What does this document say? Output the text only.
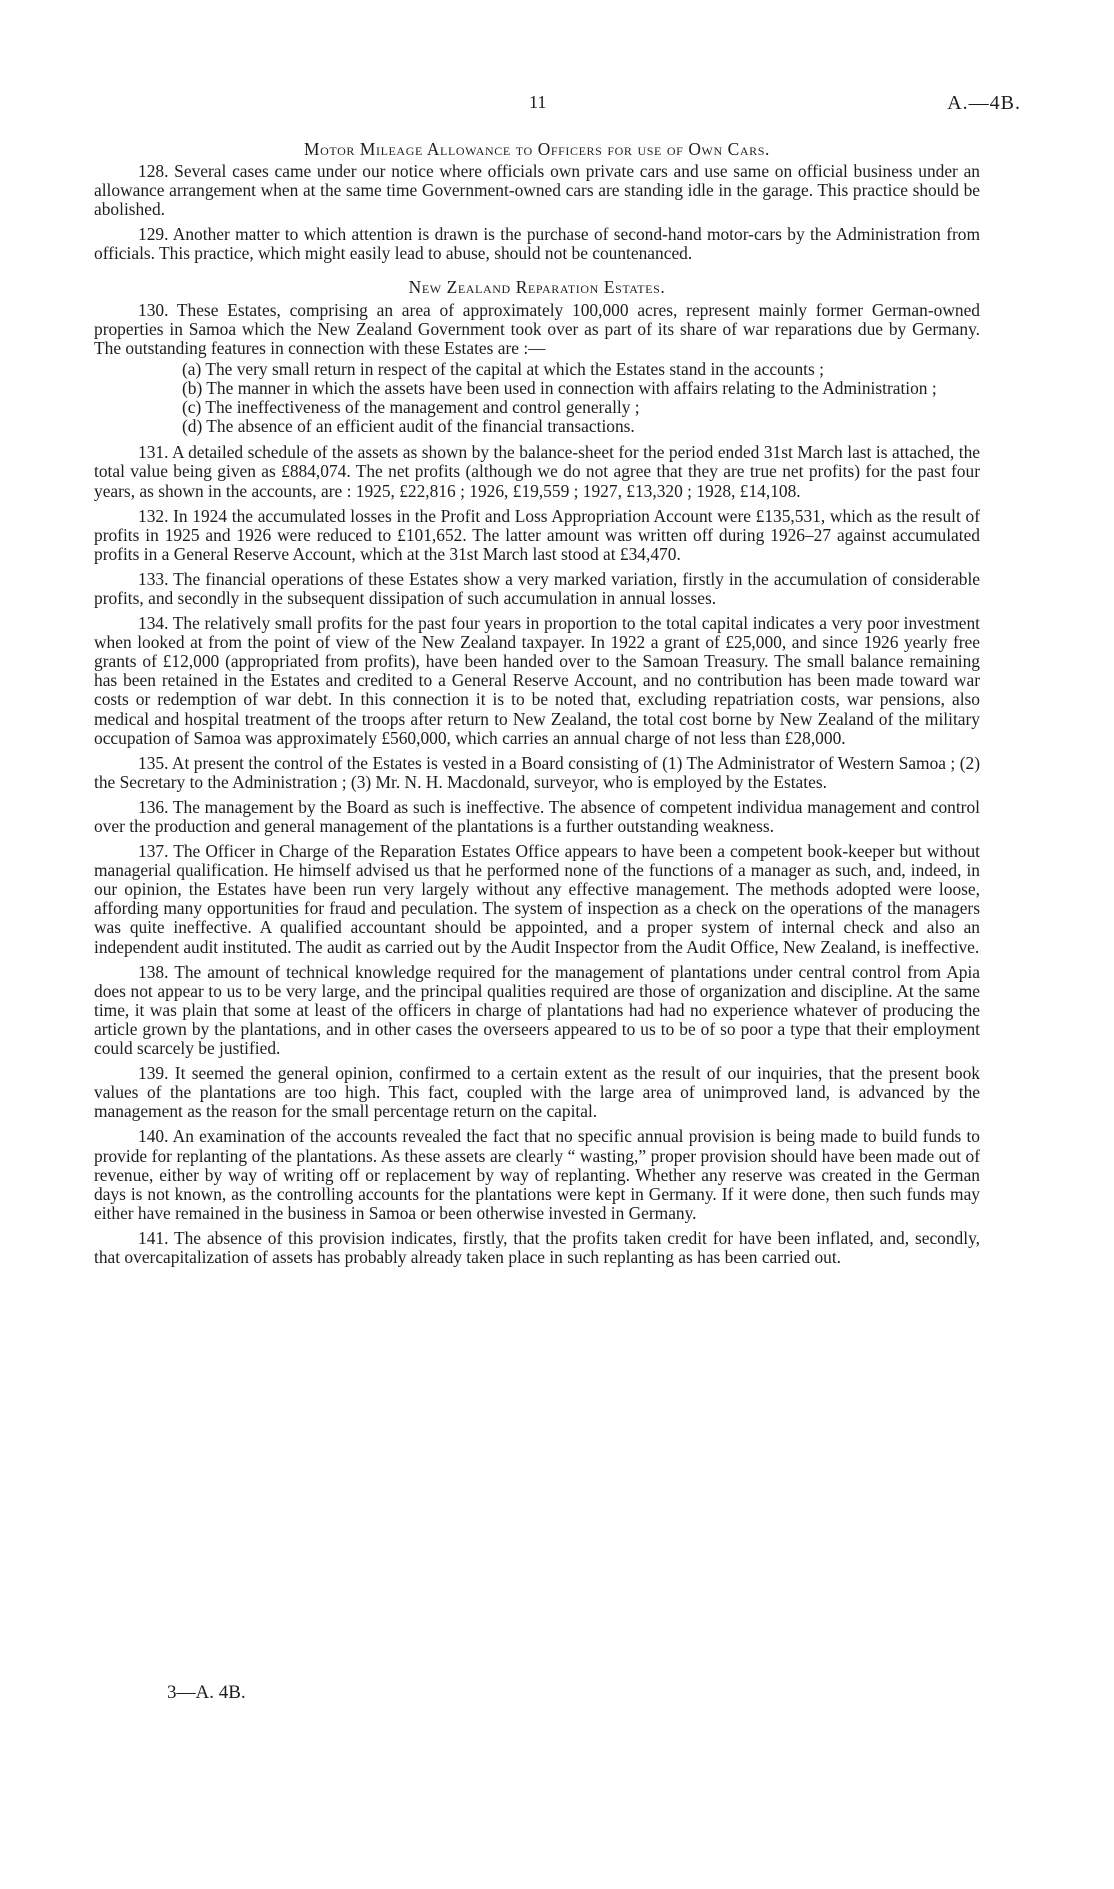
11	A.—4B.
Motor Mileage Allowance to Officers for use of Own Cars.

128. Several cases came under our notice where officials own private cars and use same on official business under an allowance arrangement when at the same time Government-owned cars are standing idle in the garage. This practice should be abolished.

129. Another matter to which attention is drawn is the purchase of second-hand motor-cars by the Administration from officials. This practice, which might easily lead to abuse, should not be countenanced.

New Zealand Reparation Estates.

130. These Estates, comprising an area of approximately 100,000 acres, represent mainly former German-owned properties in Samoa which the New Zealand Government took over as part of its share of war reparations due by Germany. The outstanding features in connection with these Estates are :—

(a) The very small return in respect of the capital at which the Estates stand in the accounts ;
(b) The manner in which the assets have been used in connection with affairs relating to the Administration ;
(c) The ineffectiveness of the management and control generally ;
(d) The absence of an efficient audit of the financial transactions.

131. A detailed schedule of the assets as shown by the balance-sheet for the period ended 31st March last is attached, the total value being given as £884,074. The net profits (although we do not agree that they are true net profits) for the past four years, as shown in the accounts, are : 1925, £22,816 ; 1926, £19,559 ; 1927, £13,320 ; 1928, £14,108.

132. In 1924 the accumulated losses in the Profit and Loss Appropriation Account were £135,531, which as the result of profits in 1925 and 1926 were reduced to £101,652. The latter amount was written off during 1926–27 against accumulated profits in a General Reserve Account, which at the 31st March last stood at £34,470.

133. The financial operations of these Estates show a very marked variation, firstly in the accumulation of considerable profits, and secondly in the subsequent dissipation of such accumulation in annual losses.

134. The relatively small profits for the past four years in proportion to the total capital indicates a very poor investment when looked at from the point of view of the New Zealand taxpayer. In 1922 a grant of £25,000, and since 1926 yearly free grants of £12,000 (appropriated from profits), have been handed over to the Samoan Treasury. The small balance remaining has been retained in the Estates and credited to a General Reserve Account, and no contribution has been made toward war costs or redemption of war debt. In this connection it is to be noted that, excluding repatriation costs, war pensions, also medical and hospital treatment of the troops after return to New Zealand, the total cost borne by New Zealand of the military occupation of Samoa was approximately £560,000, which carries an annual charge of not less than £28,000.

135. At present the control of the Estates is vested in a Board consisting of (1) The Administrator of Western Samoa ; (2) the Secretary to the Administration ; (3) Mr. N. H. Macdonald, surveyor, who is employed by the Estates.

136. The management by the Board as such is ineffective. The absence of competent individua management and control over the production and general management of the plantations is a further outstanding weakness.

137. The Officer in Charge of the Reparation Estates Office appears to have been a competent book-keeper but without managerial qualification. He himself advised us that he performed none of the functions of a manager as such, and, indeed, in our opinion, the Estates have been run very largely without any effective management. The methods adopted were loose, affording many opportunities for fraud and peculation. The system of inspection as a check on the operations of the managers was quite ineffective. A qualified accountant should be appointed, and a proper system of internal check and also an independent audit instituted. The audit as carried out by the Audit Inspector from the Audit Office, New Zealand, is ineffective.

138. The amount of technical knowledge required for the management of plantations under central control from Apia does not appear to us to be very large, and the principal qualities required are those of organization and discipline. At the same time, it was plain that some at least of the officers in charge of plantations had had no experience whatever of producing the article grown by the plantations, and in other cases the overseers appeared to us to be of so poor a type that their employment could scarcely be justified.

139. It seemed the general opinion, confirmed to a certain extent as the result of our inquiries, that the present book values of the plantations are too high. This fact, coupled with the large area of unimproved land, is advanced by the management as the reason for the small percentage return on the capital.

140. An examination of the accounts revealed the fact that no specific annual provision is being made to build funds to provide for replanting of the plantations. As these assets are clearly “ wasting,” proper provision should have been made out of revenue, either by way of writing off or replacement by way of replanting. Whether any reserve was created in the German days is not known, as the controlling accounts for the plantations were kept in Germany. If it were done, then such funds may either have remained in the business in Samoa or been otherwise invested in Germany.

141. The absence of this provision indicates, firstly, that the profits taken credit for have been inflated, and, secondly, that overcapitalization of assets has probably already taken place in such replanting as has been carried out.

3—A. 4B.
